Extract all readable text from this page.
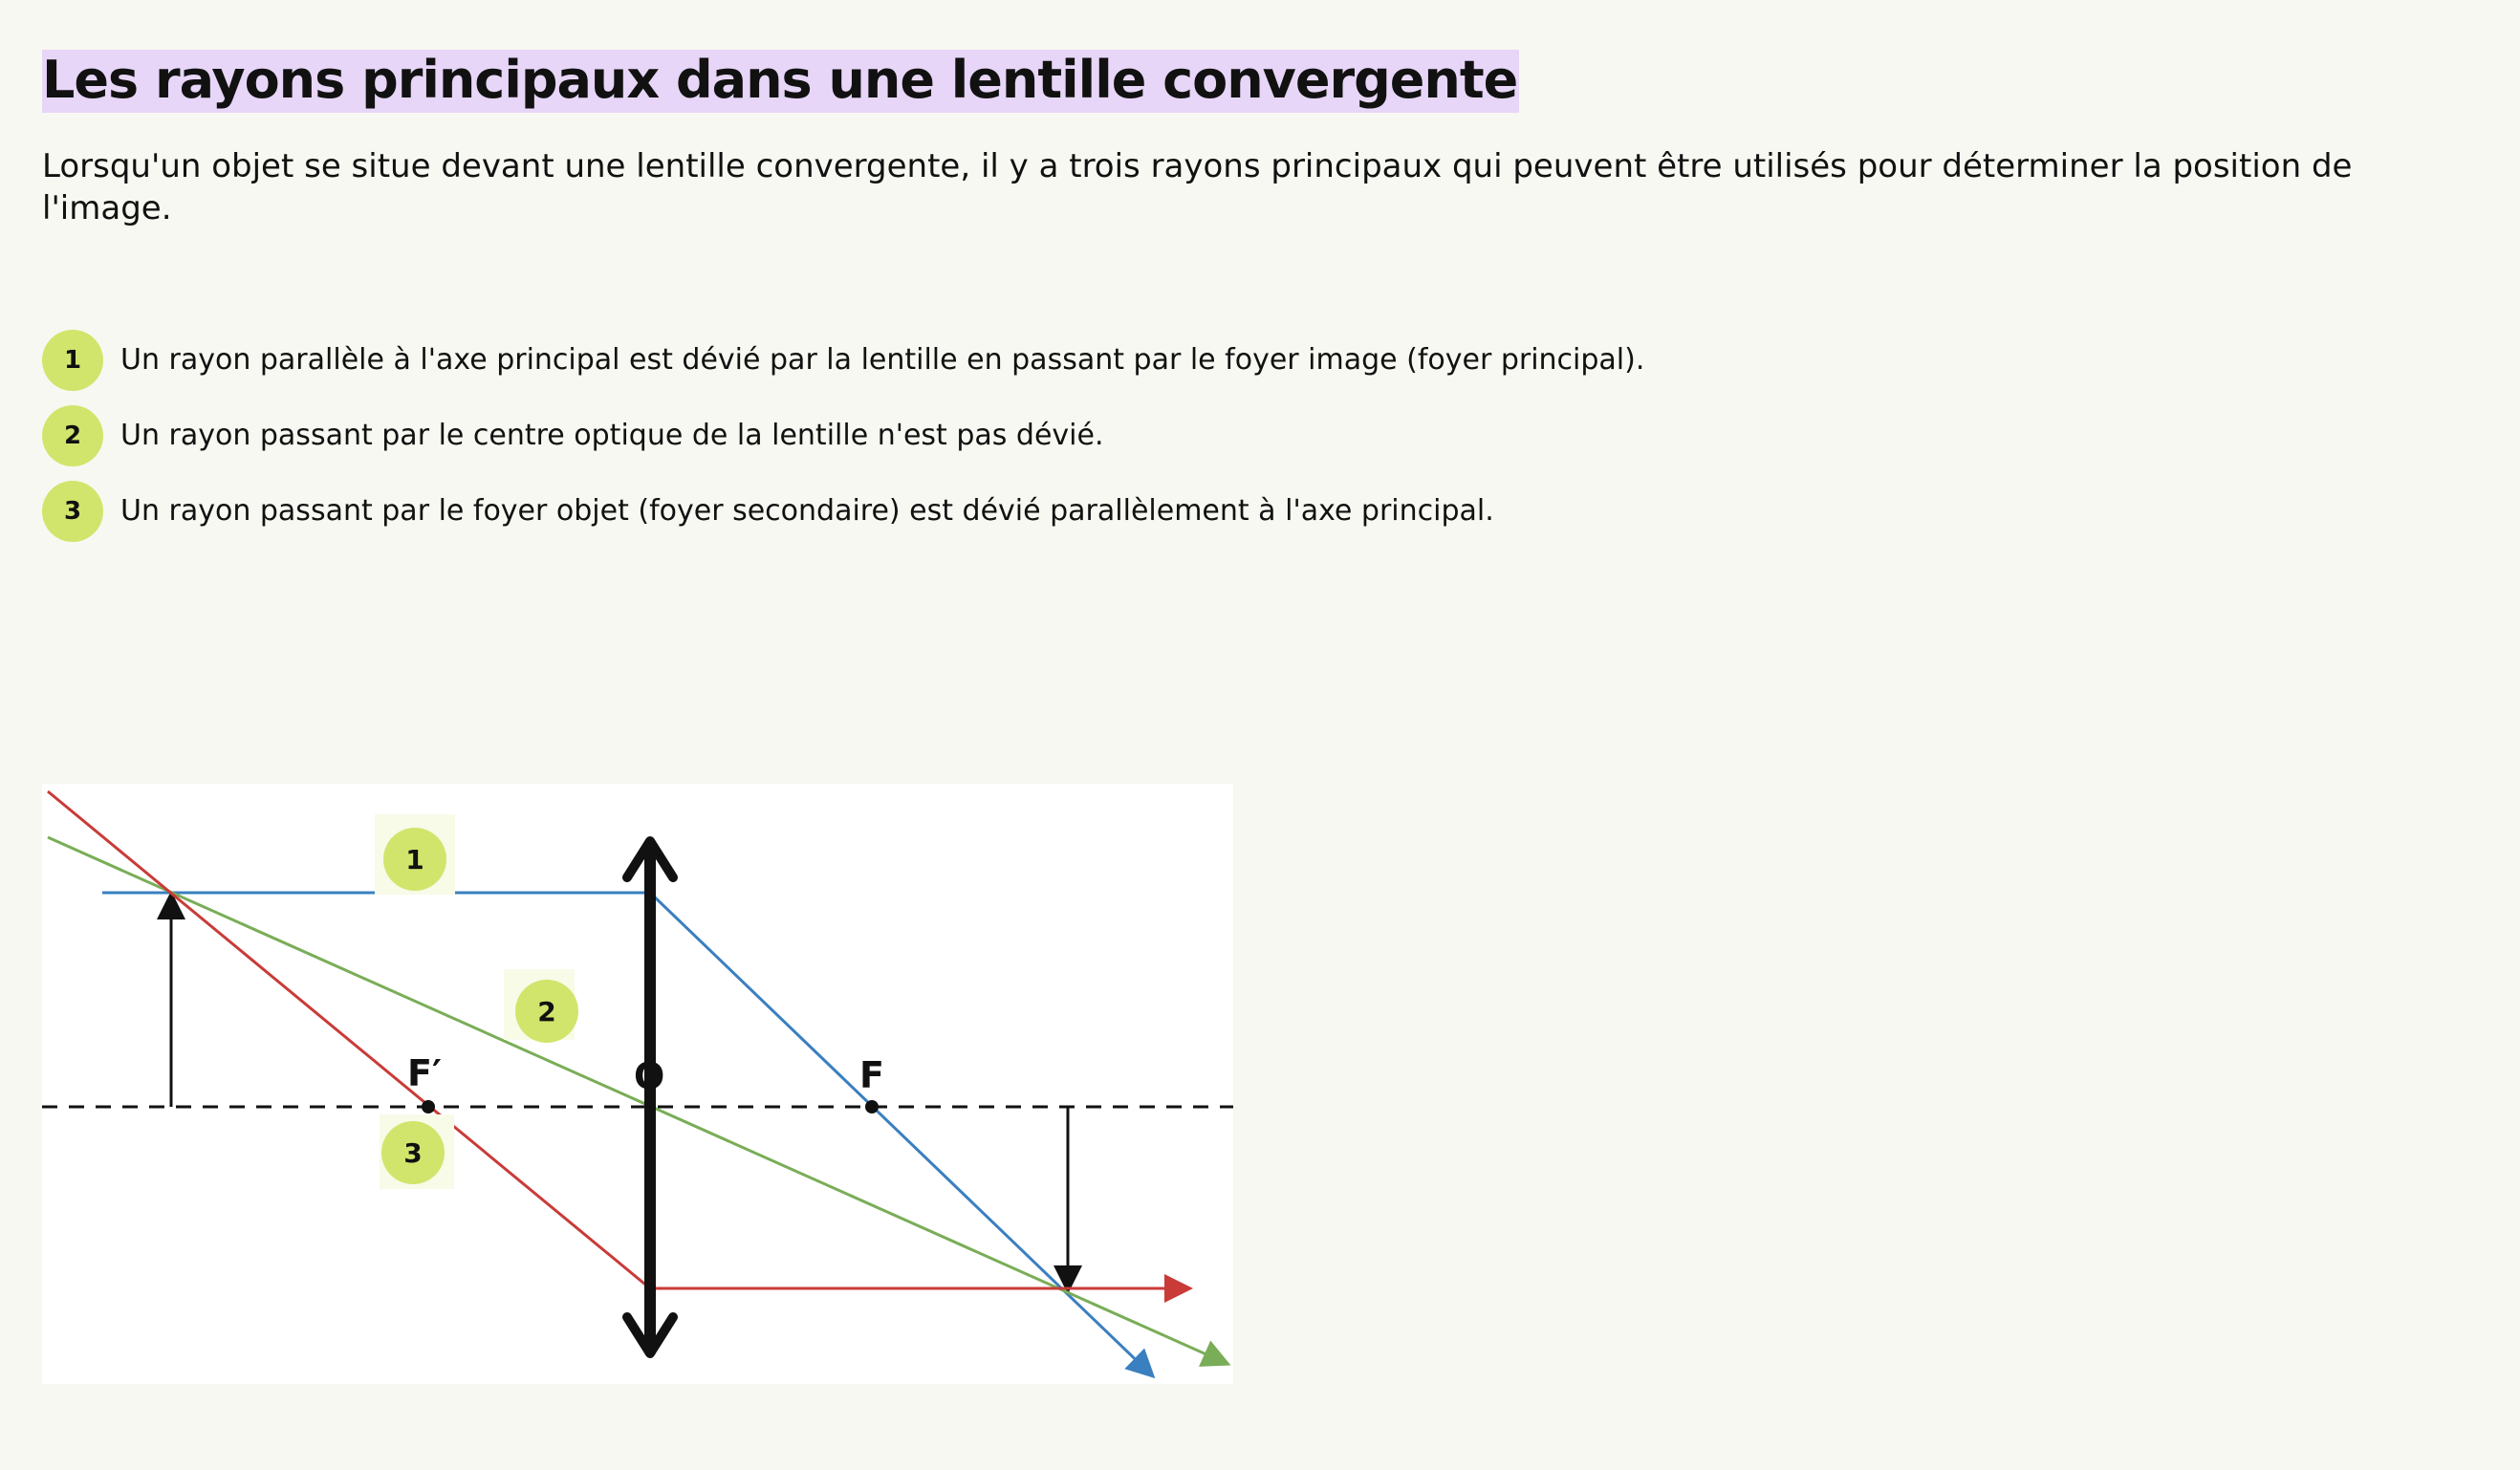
Les rayons principaux dans une lentille convergente

Lorsqu'un objet se situe devant une lentille convergente, il y a trois rayons principaux qui peuvent être utilisés pour déterminer la position de l'image.

1	Un rayon parallèle à l'axe principal est dévié par la lentille en passant par le foyer image (foyer principal).
2	Un rayon passant par le centre optique de la lentille n'est pas dévié.
3	Un rayon passant par le foyer objet (foyer secondaire) est dévié parallèlement à l'axe principal.
F′	O	F
1
2
3
